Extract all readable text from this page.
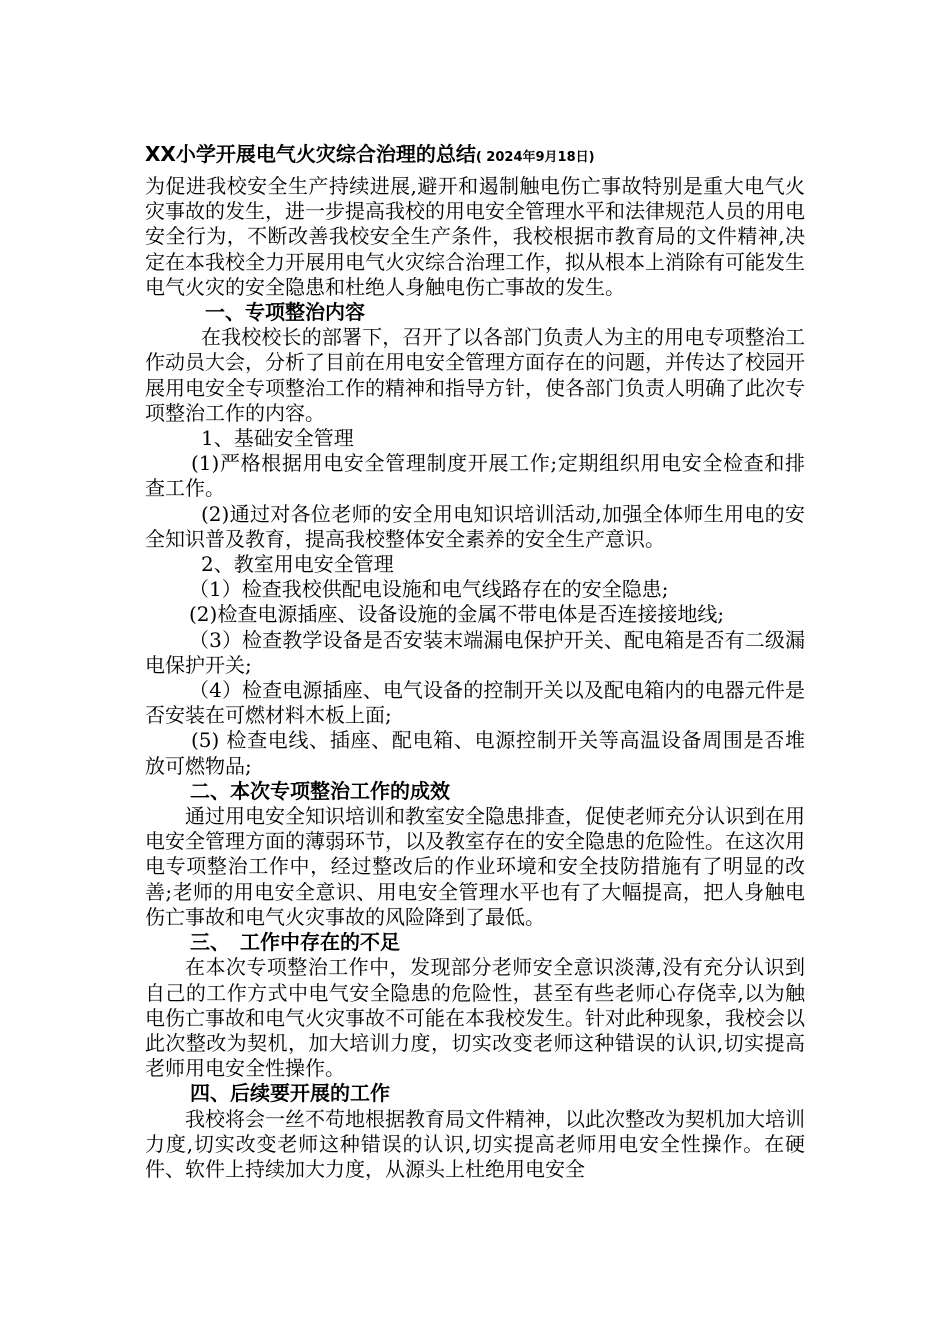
XX小学开展电气火灾综合治理的总结( 2024年9月18日)

为促进我校安全生产持续进展,避开和遏制触电伤亡事故特别是重大电气火灾事故的发生，进一步提高我校的用电安全管理水平和法律规范人员的用电安全行为，不断改善我校安全生产条件，我校根据市教育局的文件精神,决定在本我校全力开展用电气火灾综合治理工作，拟从根本上消除有可能发生电气火灾的安全隐患和杜绝人身触电伤亡事故的发生。

一、专项整治内容

在我校校长的部署下，召开了以各部门负责人为主的用电专项整治工作动员大会，分析了目前在用电安全管理方面存在的问题，并传达了校园开展用电安全专项整治工作的精神和指导方针，使各部门负责人明确了此次专项整治工作的内容。

1、基础安全管理

(1)严格根据用电安全管理制度开展工作;定期组织用电安全检查和排查工作。

(2)通过对各位老师的安全用电知识培训活动,加强全体师生用电的安全知识普及教育，提高我校整体安全素养的安全生产意识。

2、教室用电安全管理

（1）检查我校供配电设施和电气线路存在的安全隐患;

(2)检查电源插座、设备设施的金属不带电体是否连接接地线;

（3）检查教学设备是否安装末端漏电保护开关、配电箱是否有二级漏电保护开关;

（4）检查电源插座、电气设备的控制开关以及配电箱内的电器元件是否安装在可燃材料木板上面;

(5) 检查电线、插座、配电箱、电源控制开关等高温设备周围是否堆放可燃物品;

二、本次专项整治工作的成效

通过用电安全知识培训和教室安全隐患排查，促使老师充分认识到在用电安全管理方面的薄弱环节，以及教室存在的安全隐患的危险性。在这次用电专项整治工作中，经过整改后的作业环境和安全技防措施有了明显的改善;老师的用电安全意识、用电安全管理水平也有了大幅提高，把人身触电伤亡事故和电气火灾事故的风险降到了最低。

三、　工作中存在的不足

在本次专项整治工作中，发现部分老师安全意识淡薄,没有充分认识到自己的工作方式中电气安全隐患的危险性，甚至有些老师心存侥幸,以为触电伤亡事故和电气火灾事故不可能在本我校发生。针对此种现象，我校会以此次整改为契机，加大培训力度，切实改变老师这种错误的认识,切实提高老师用电安全性操作。

四、后续要开展的工作

我校将会一丝不苟地根据教育局文件精神，以此次整改为契机加大培训力度,切实改变老师这种错误的认识,切实提高老师用电安全性操作。在硬件、软件上持续加大力度，从源头上杜绝用电安全
